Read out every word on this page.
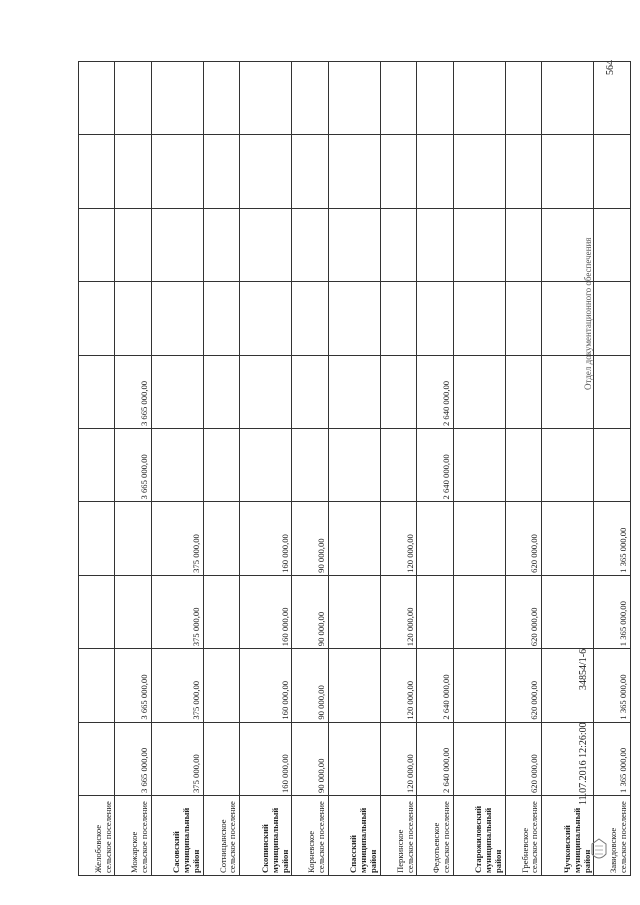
564
Желобовское сельское поселение										
Можарское сельское поселение	3 665 000,00	3 665 000,00			3 665 000,00	3 665 000,00				
Сасовский муниципальный район	375 000,00	375 000,00	375 000,00	375 000,00						
Сотницынское сельское поселение										
Скопинский муниципальный район	160 000,00	160 000,00	160 000,00	160 000,00						
Корневское сельское поселение	90 000,00	90 000,00	90 000,00	90 000,00						
Спасский муниципальный район										
Перкинское сельское поселение	120 000,00	120 000,00	120 000,00	120 000,00						
Федотьевское сельское поселение	2 640 000,00	2 640 000,00			2 640 000,00	2 640 000,00				
Старожиловский муниципальный район										
Гребневское сельское поселение	620 000,00	620 000,00	620 000,00	620 000,00						
Чучковский муниципальный район										
Завидовское сельское поселение	1 365 000,00	1 365 000,00	1 365 000,00	1 365 000,00						
11.07.2016 12:26:00
34854/1-6
Отдел документационного обеспечения
